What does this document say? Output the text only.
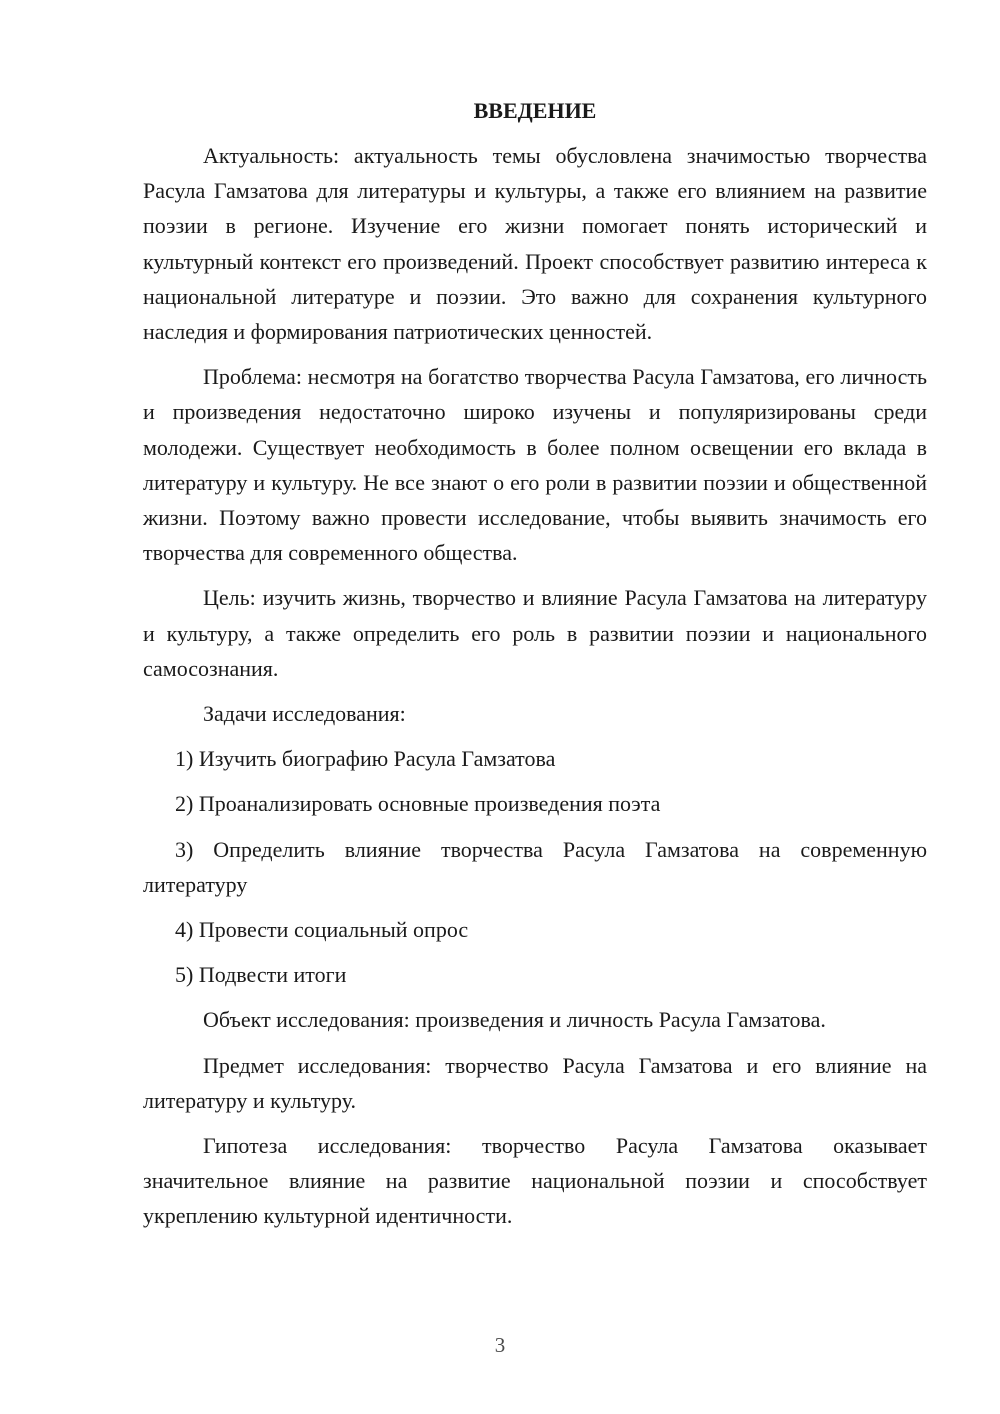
ВВЕДЕНИЕ

Актуальность: актуальность темы обусловлена значимостью творчества Расула Гамзатова для литературы и культуры, а также его влиянием на развитие поэзии в регионе. Изучение его жизни помогает понять исторический и культурный контекст его произведений. Проект способствует развитию интереса к национальной литературе и поэзии. Это важно для сохранения культурного наследия и формирования патриотических ценностей.

Проблема: несмотря на богатство творчества Расула Гамзатова, его личность и произведения недостаточно широко изучены и популяризированы среди молодежи. Существует необходимость в более полном освещении его вклада в литературу и культуру. Не все знают о его роли в развитии поэзии и общественной жизни. Поэтому важно провести исследование, чтобы выявить значимость его творчества для современного общества.

Цель: изучить жизнь, творчество и влияние Расула Гамзатова на литературу и культуру, а также определить его роль в развитии поэзии и национального самосознания.

Задачи исследования:

1) Изучить биографию Расула Гамзатова
2) Проанализировать основные произведения поэта
3) Определить влияние творчества Расула Гамзатова на современную литературу
4) Провести социальный опрос
5) Подвести итоги

Объект исследования: произведения и личность Расула Гамзатова.

Предмет исследования: творчество Расула Гамзатова и его влияние на литературу и культуру.

Гипотеза исследования: творчество Расула Гамзатова оказывает значительное влияние на развитие национальной поэзии и способствует укреплению культурной идентичности.

3
